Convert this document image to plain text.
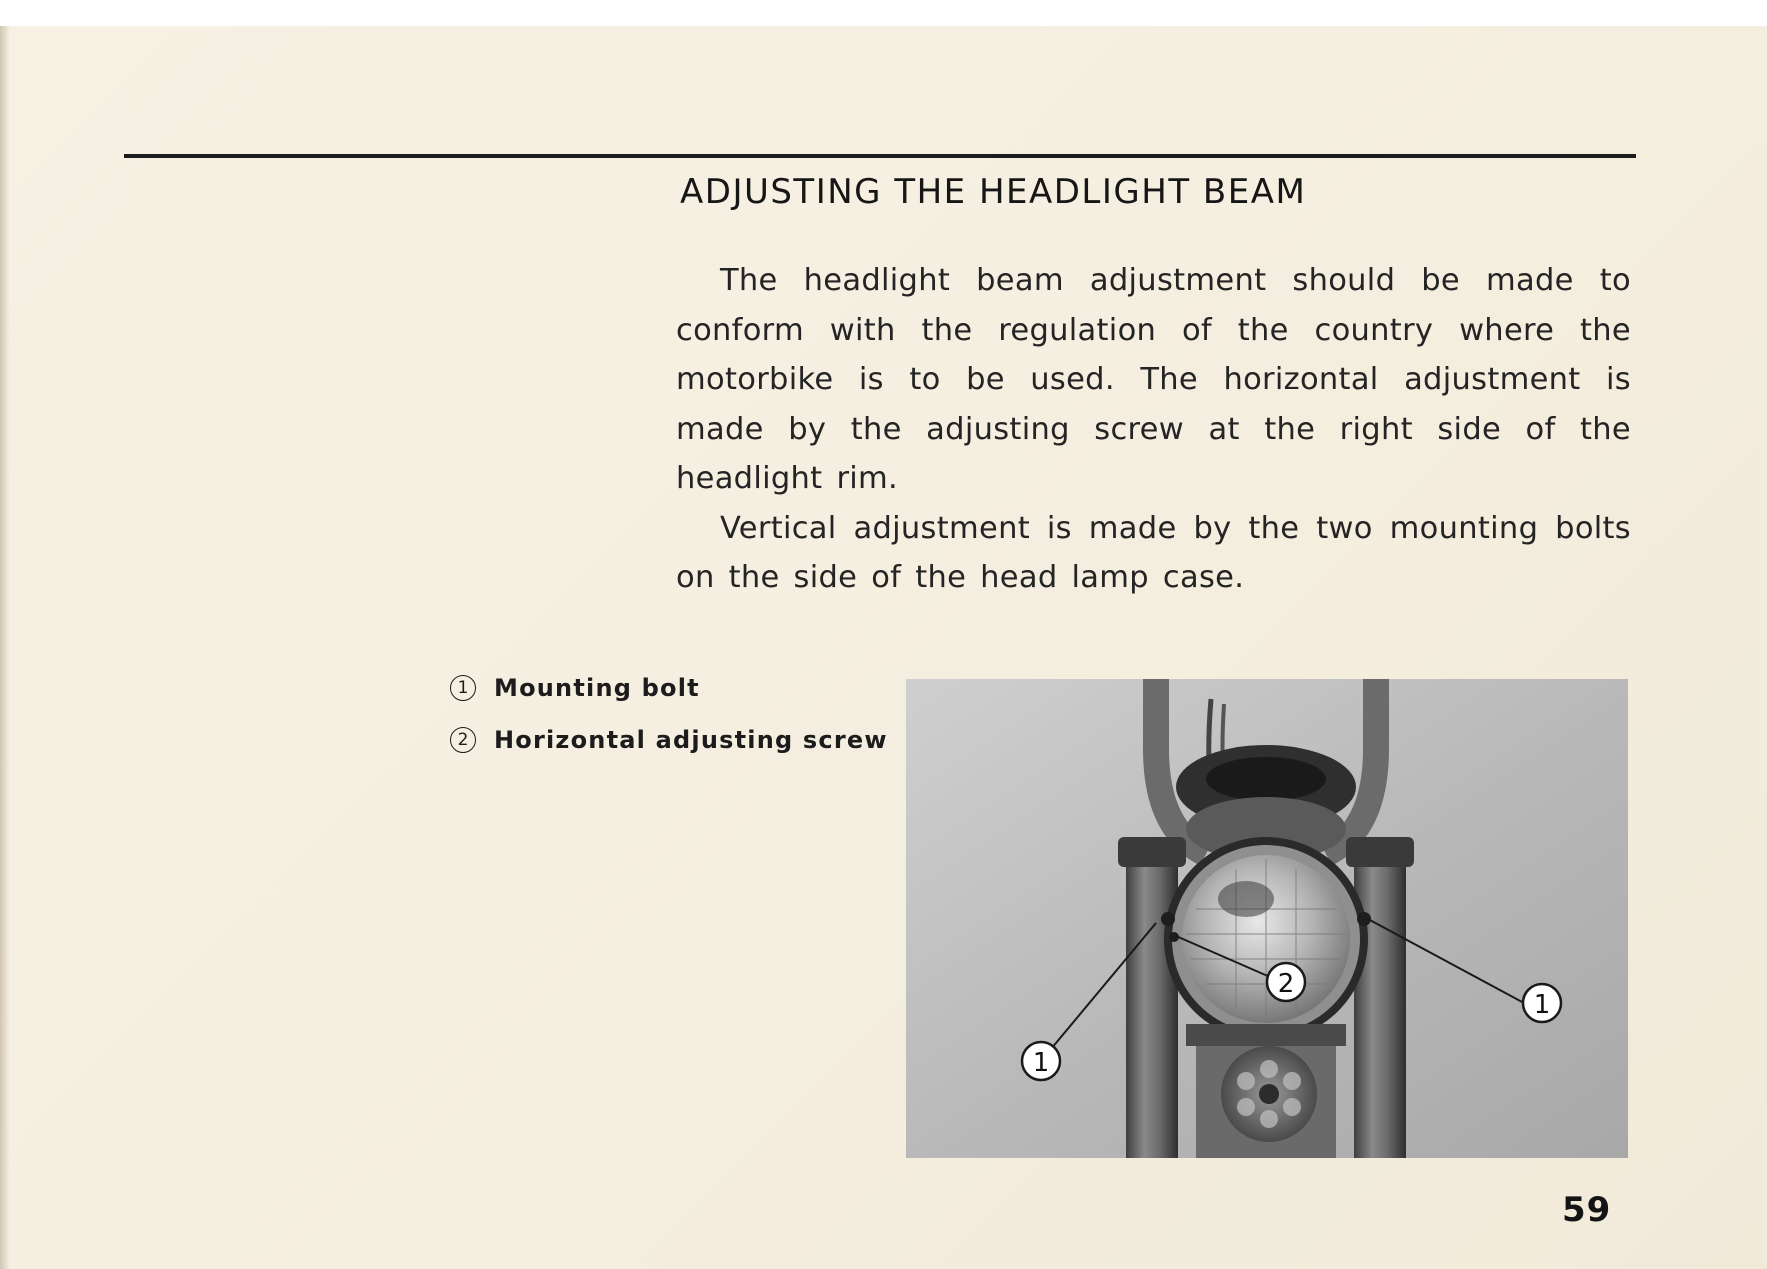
ADJUSTING THE HEADLIGHT BEAM

The headlight beam adjustment should be made to conform with the regulation of the country where the motorbike is to be used. The horizontal adjustment is made by the adjusting screw at the right side of the headlight rim.

Vertical adjustment is made by the two mounting bolts on the side of the head lamp case.

1	Mounting bolt
2	Horizontal adjusting screw
1
2
1
59
